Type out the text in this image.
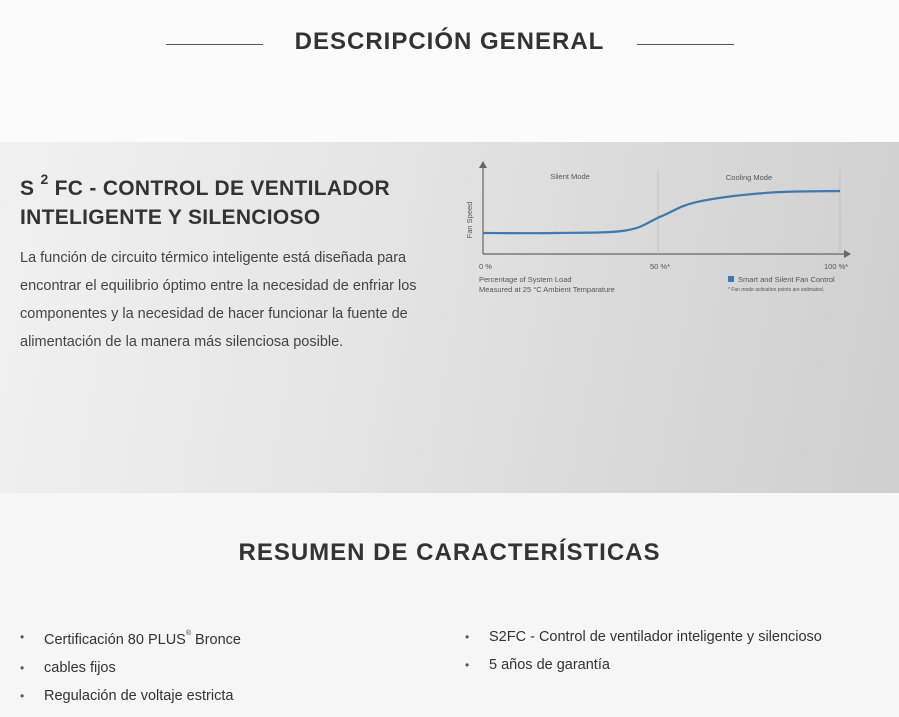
DESCRIPCIÓN GENERAL
S $^2$ FC - CONTROL DE VENTILADOR INTELIGENTE Y SILENCIOSO

La función de circuito térmico inteligente está diseñada para encontrar el equilibrio óptimo entre la necesidad de enfriar los componentes y la necesidad de hacer funcionar la fuente de alimentación de la manera más silenciosa posible.

Fan Speed
Silent Mode	Cooling Mode
0 %	50 %*	100 %*
Percentage of System Load
Measured at 25 °C Ambient Temparature
Smart and Silent Fan Control
* Fan mode activation points are estimated.
RESUMEN DE CARACTERÍSTICAS
• Certificación 80 PLUS® Bronce
• cables fijos
• Regulación de voltaje estricta
• S2FC - Control de ventilador inteligente y silencioso
• 5 años de garantía
